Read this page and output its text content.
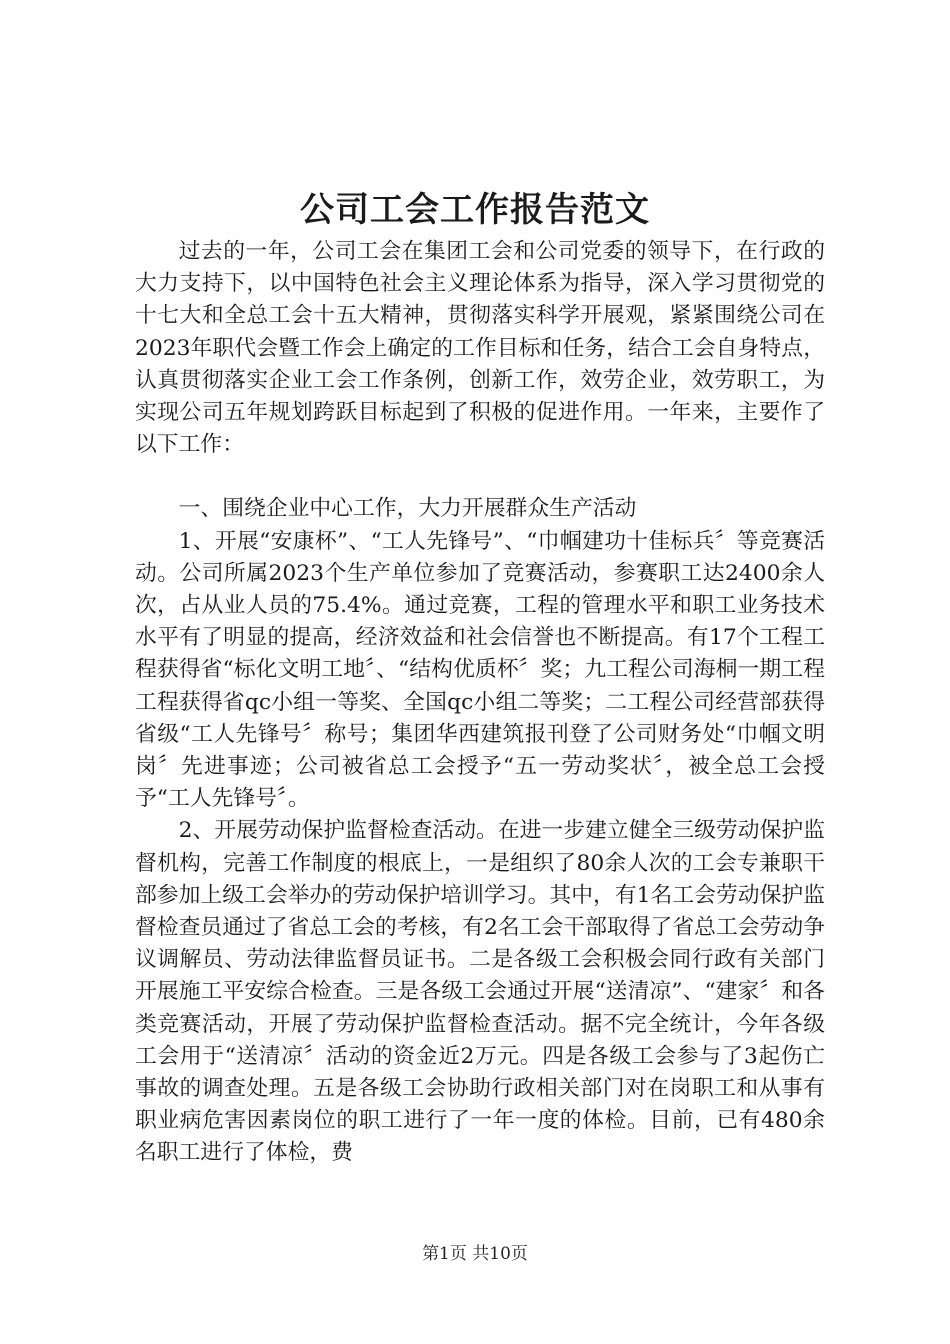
公司工会工作报告范文

过去的一年，公司工会在集团工会和公司党委的领导下，在行政的大力支持下，以中国特色社会主义理论体系为指导，深入学习贯彻党的十七大和全总工会十五大精神，贯彻落实科学开展观，紧紧围绕公司在2023年职代会暨工作会上确定的工作目标和任务，结合工会自身特点，认真贯彻落实企业工会工作条例，创新工作，效劳企业，效劳职工，为实现公司五年规划跨跃目标起到了积极的促进作用。一年来，主要作了以下工作：

一、围绕企业中心工作，大力开展群众生产活动

1、开展“安康杯”、“工人先锋号”、“巾帼建功十佳标兵〞等竞赛活动。公司所属2023个生产单位参加了竞赛活动，参赛职工达2400余人次，占从业人员的75.4%。通过竞赛，工程的管理水平和职工业务技术水平有了明显的提高，经济效益和社会信誉也不断提高。有17个工程工程获得省“标化文明工地〞、“结构优质杯〞奖；九工程公司海桐一期工程工程获得省qc小组一等奖、全国qc小组二等奖；二工程公司经营部获得省级“工人先锋号〞称号；集团华西建筑报刊登了公司财务处“巾帼文明岗〞先进事迹；公司被省总工会授予“五一劳动奖状〞，被全总工会授予“工人先锋号〞。

2、开展劳动保护监督检查活动。在进一步建立健全三级劳动保护监督机构，完善工作制度的根底上，一是组织了80余人次的工会专兼职干部参加上级工会举办的劳动保护培训学习。其中，有1名工会劳动保护监督检查员通过了省总工会的考核，有2名工会干部取得了省总工会劳动争议调解员、劳动法律监督员证书。二是各级工会积极会同行政有关部门开展施工平安综合检查。三是各级工会通过开展“送清凉”、“建家〞和各类竞赛活动，开展了劳动保护监督检查活动。据不完全统计，今年各级工会用于“送清凉〞活动的资金近2万元。四是各级工会参与了3起伤亡事故的调查处理。五是各级工会协助行政相关部门对在岗职工和从事有职业病危害因素岗位的职工进行了一年一度的体检。目前，已有480余名职工进行了体检，费

第1页 共10页
